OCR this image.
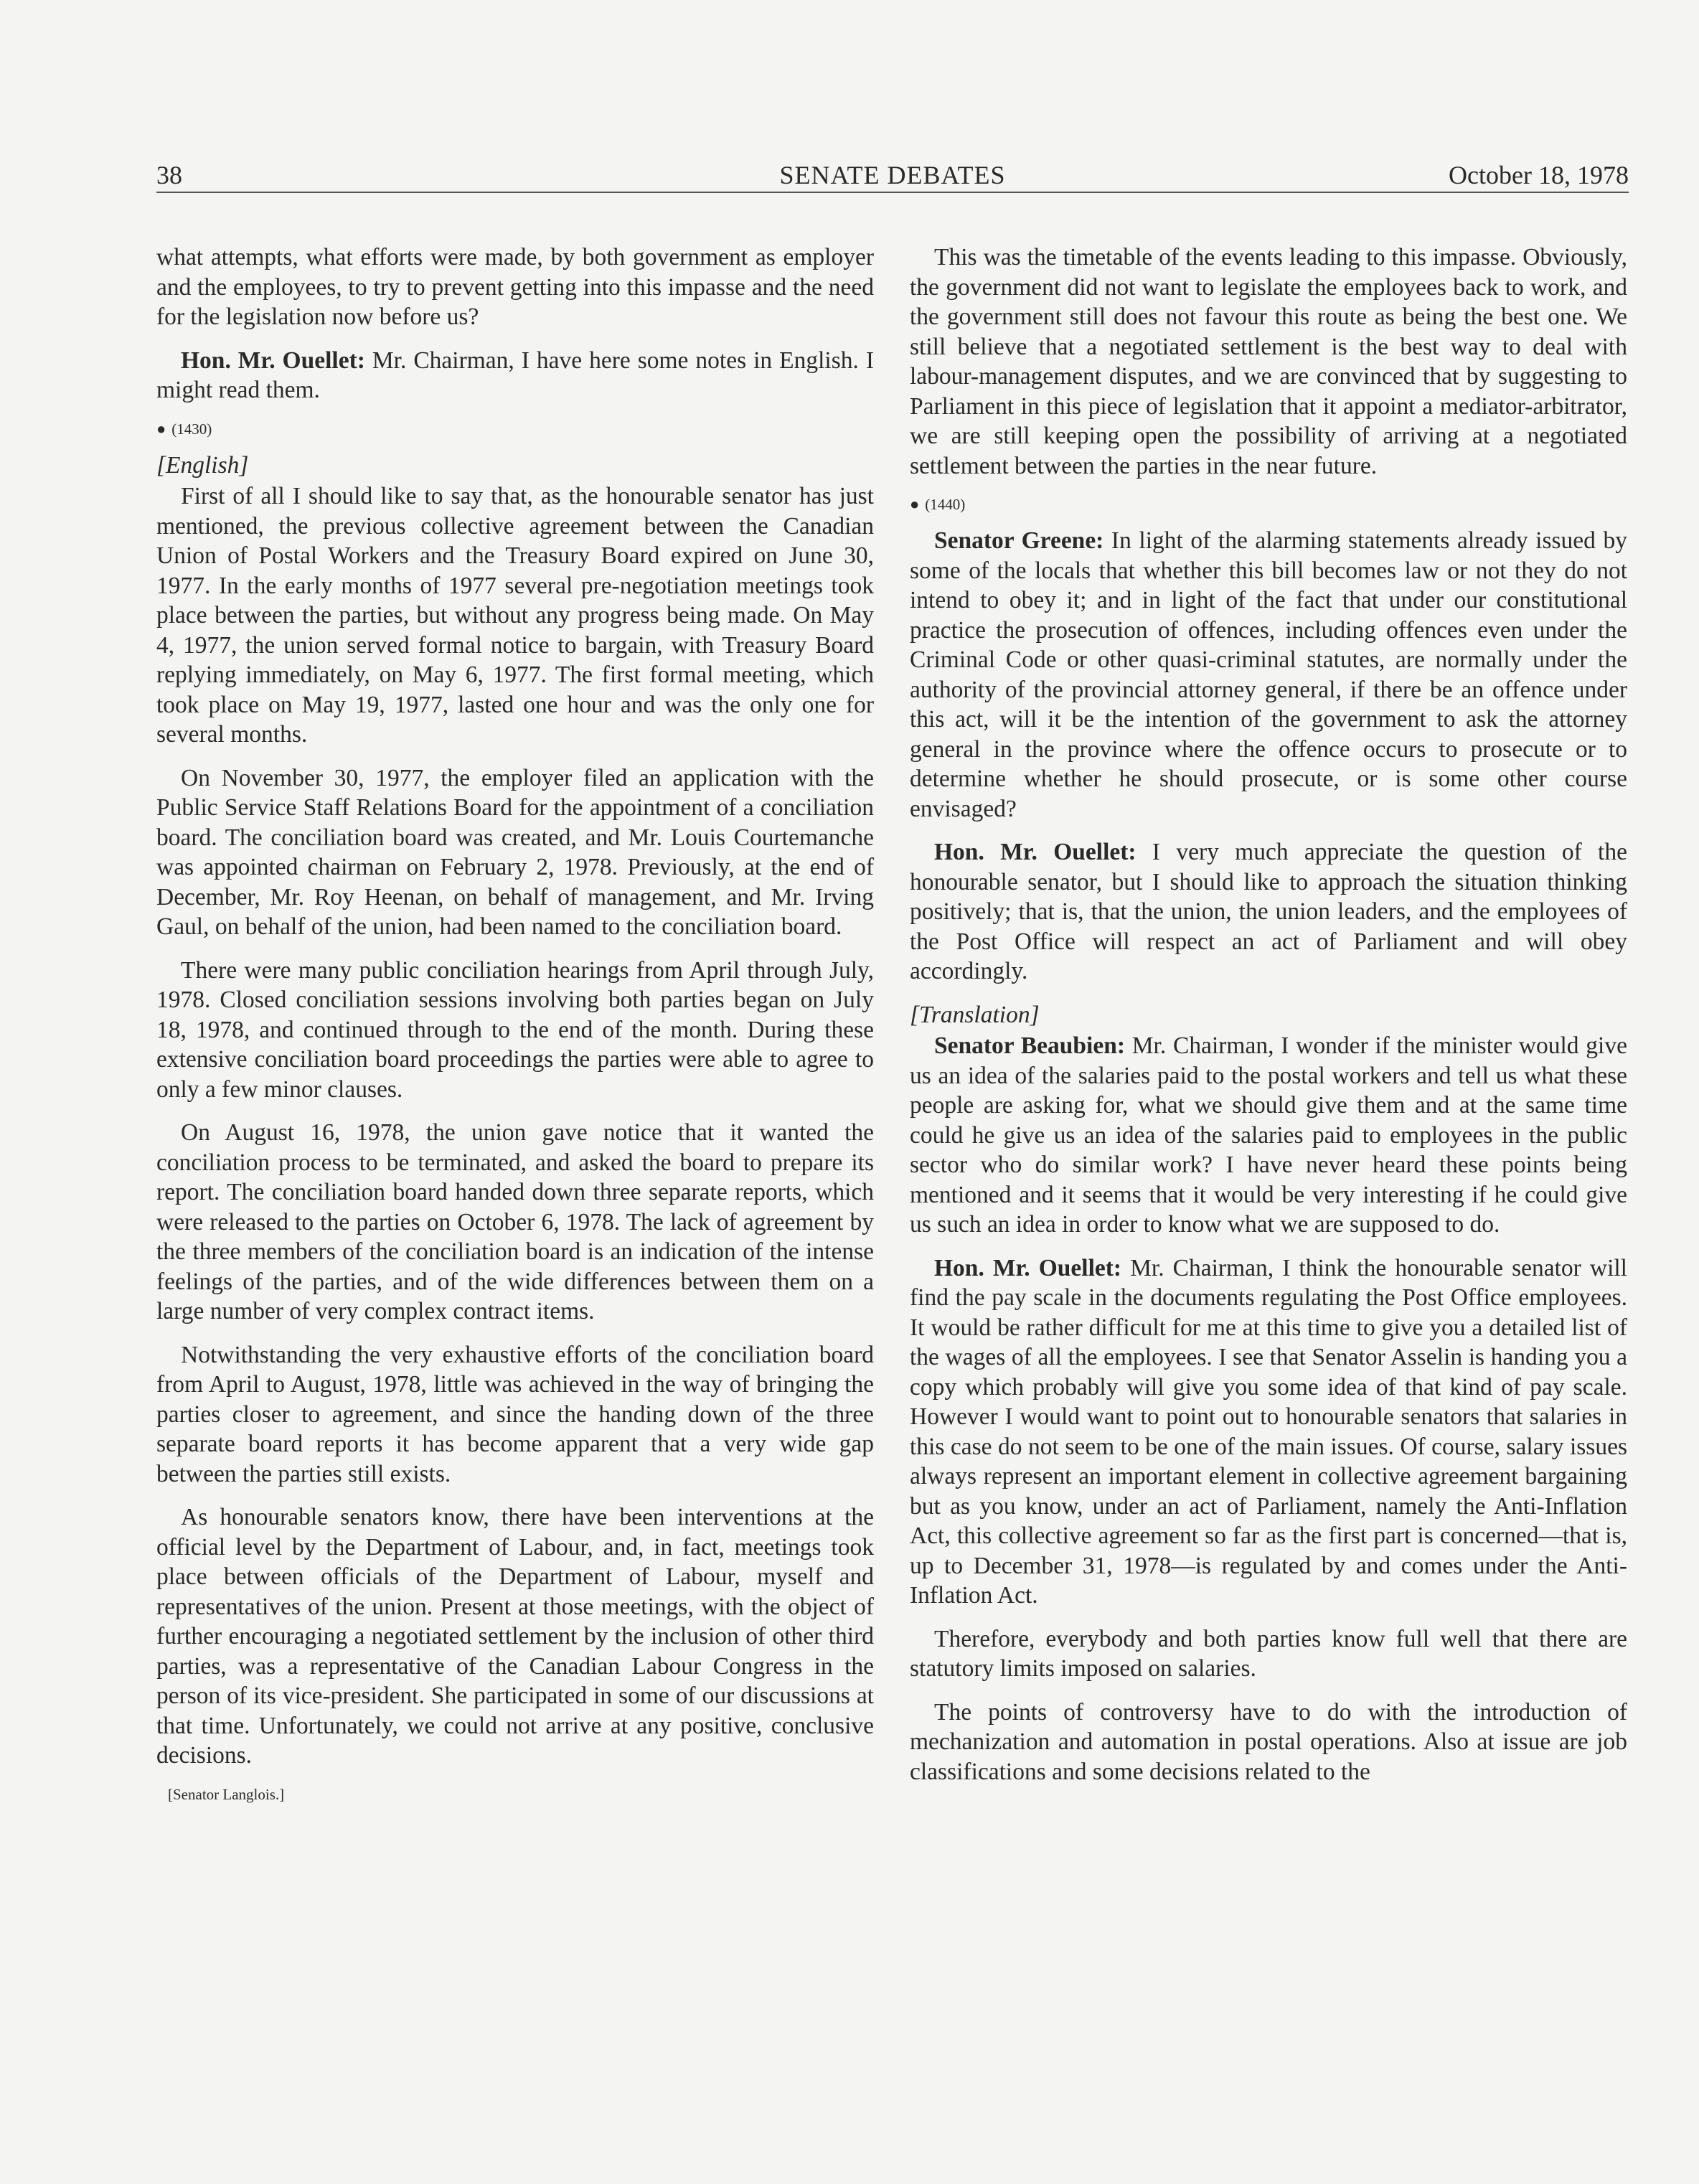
38	SENATE DEBATES	October 18, 1978

what attempts, what efforts were made, by both government as employer and the employees, to try to prevent getting into this impasse and the need for the legislation now before us?

Hon. Mr. Ouellet: Mr. Chairman, I have here some notes in English. I might read them.

● (1430)
[English]

First of all I should like to say that, as the honourable senator has just mentioned, the previous collective agreement between the Canadian Union of Postal Workers and the Treasury Board expired on June 30, 1977. In the early months of 1977 several pre-negotiation meetings took place between the parties, but without any progress being made. On May 4, 1977, the union served formal notice to bargain, with Treasury Board replying immediately, on May 6, 1977. The first formal meeting, which took place on May 19, 1977, lasted one hour and was the only one for several months.

On November 30, 1977, the employer filed an application with the Public Service Staff Relations Board for the appointment of a conciliation board. The conciliation board was created, and Mr. Louis Courtemanche was appointed chairman on February 2, 1978. Previously, at the end of December, Mr. Roy Heenan, on behalf of management, and Mr. Irving Gaul, on behalf of the union, had been named to the conciliation board.

There were many public conciliation hearings from April through July, 1978. Closed conciliation sessions involving both parties began on July 18, 1978, and continued through to the end of the month. During these extensive conciliation board proceedings the parties were able to agree to only a few minor clauses.

On August 16, 1978, the union gave notice that it wanted the conciliation process to be terminated, and asked the board to prepare its report. The conciliation board handed down three separate reports, which were released to the parties on October 6, 1978. The lack of agreement by the three members of the conciliation board is an indication of the intense feelings of the parties, and of the wide differences between them on a large number of very complex contract items.

Notwithstanding the very exhaustive efforts of the conciliation board from April to August, 1978, little was achieved in the way of bringing the parties closer to agreement, and since the handing down of the three separate board reports it has become apparent that a very wide gap between the parties still exists.

As honourable senators know, there have been interventions at the official level by the Department of Labour, and, in fact, meetings took place between officials of the Department of Labour, myself and representatives of the union. Present at those meetings, with the object of further encouraging a negotiated settlement by the inclusion of other third parties, was a representative of the Canadian Labour Congress in the person of its vice-president. She participated in some of our discussions at that time. Unfortunately, we could not arrive at any positive, conclusive decisions.

[Senator Langlois.]

This was the timetable of the events leading to this impasse. Obviously, the government did not want to legislate the employees back to work, and the government still does not favour this route as being the best one. We still believe that a negotiated settlement is the best way to deal with labour-management disputes, and we are convinced that by suggesting to Parliament in this piece of legislation that it appoint a mediator-arbitrator, we are still keeping open the possibility of arriving at a negotiated settlement between the parties in the near future.

● (1440)

Senator Greene: In light of the alarming statements already issued by some of the locals that whether this bill becomes law or not they do not intend to obey it; and in light of the fact that under our constitutional practice the prosecution of offences, including offences even under the Criminal Code or other quasi-criminal statutes, are normally under the authority of the provincial attorney general, if there be an offence under this act, will it be the intention of the government to ask the attorney general in the province where the offence occurs to prosecute or to determine whether he should prosecute, or is some other course envisaged?

Hon. Mr. Ouellet: I very much appreciate the question of the honourable senator, but I should like to approach the situation thinking positively; that is, that the union, the union leaders, and the employees of the Post Office will respect an act of Parliament and will obey accordingly.

[Translation]

Senator Beaubien: Mr. Chairman, I wonder if the minister would give us an idea of the salaries paid to the postal workers and tell us what these people are asking for, what we should give them and at the same time could he give us an idea of the salaries paid to employees in the public sector who do similar work? I have never heard these points being mentioned and it seems that it would be very interesting if he could give us such an idea in order to know what we are supposed to do.

Hon. Mr. Ouellet: Mr. Chairman, I think the honourable senator will find the pay scale in the documents regulating the Post Office employees. It would be rather difficult for me at this time to give you a detailed list of the wages of all the employees. I see that Senator Asselin is handing you a copy which probably will give you some idea of that kind of pay scale. However I would want to point out to honourable senators that salaries in this case do not seem to be one of the main issues. Of course, salary issues always represent an important element in collective agreement bargaining but as you know, under an act of Parliament, namely the Anti-Inflation Act, this collective agreement so far as the first part is concerned—that is, up to December 31, 1978—is regulated by and comes under the Anti-Inflation Act.

Therefore, everybody and both parties know full well that there are statutory limits imposed on salaries.

The points of controversy have to do with the introduction of mechanization and automation in postal operations. Also at issue are job classifications and some decisions related to the
